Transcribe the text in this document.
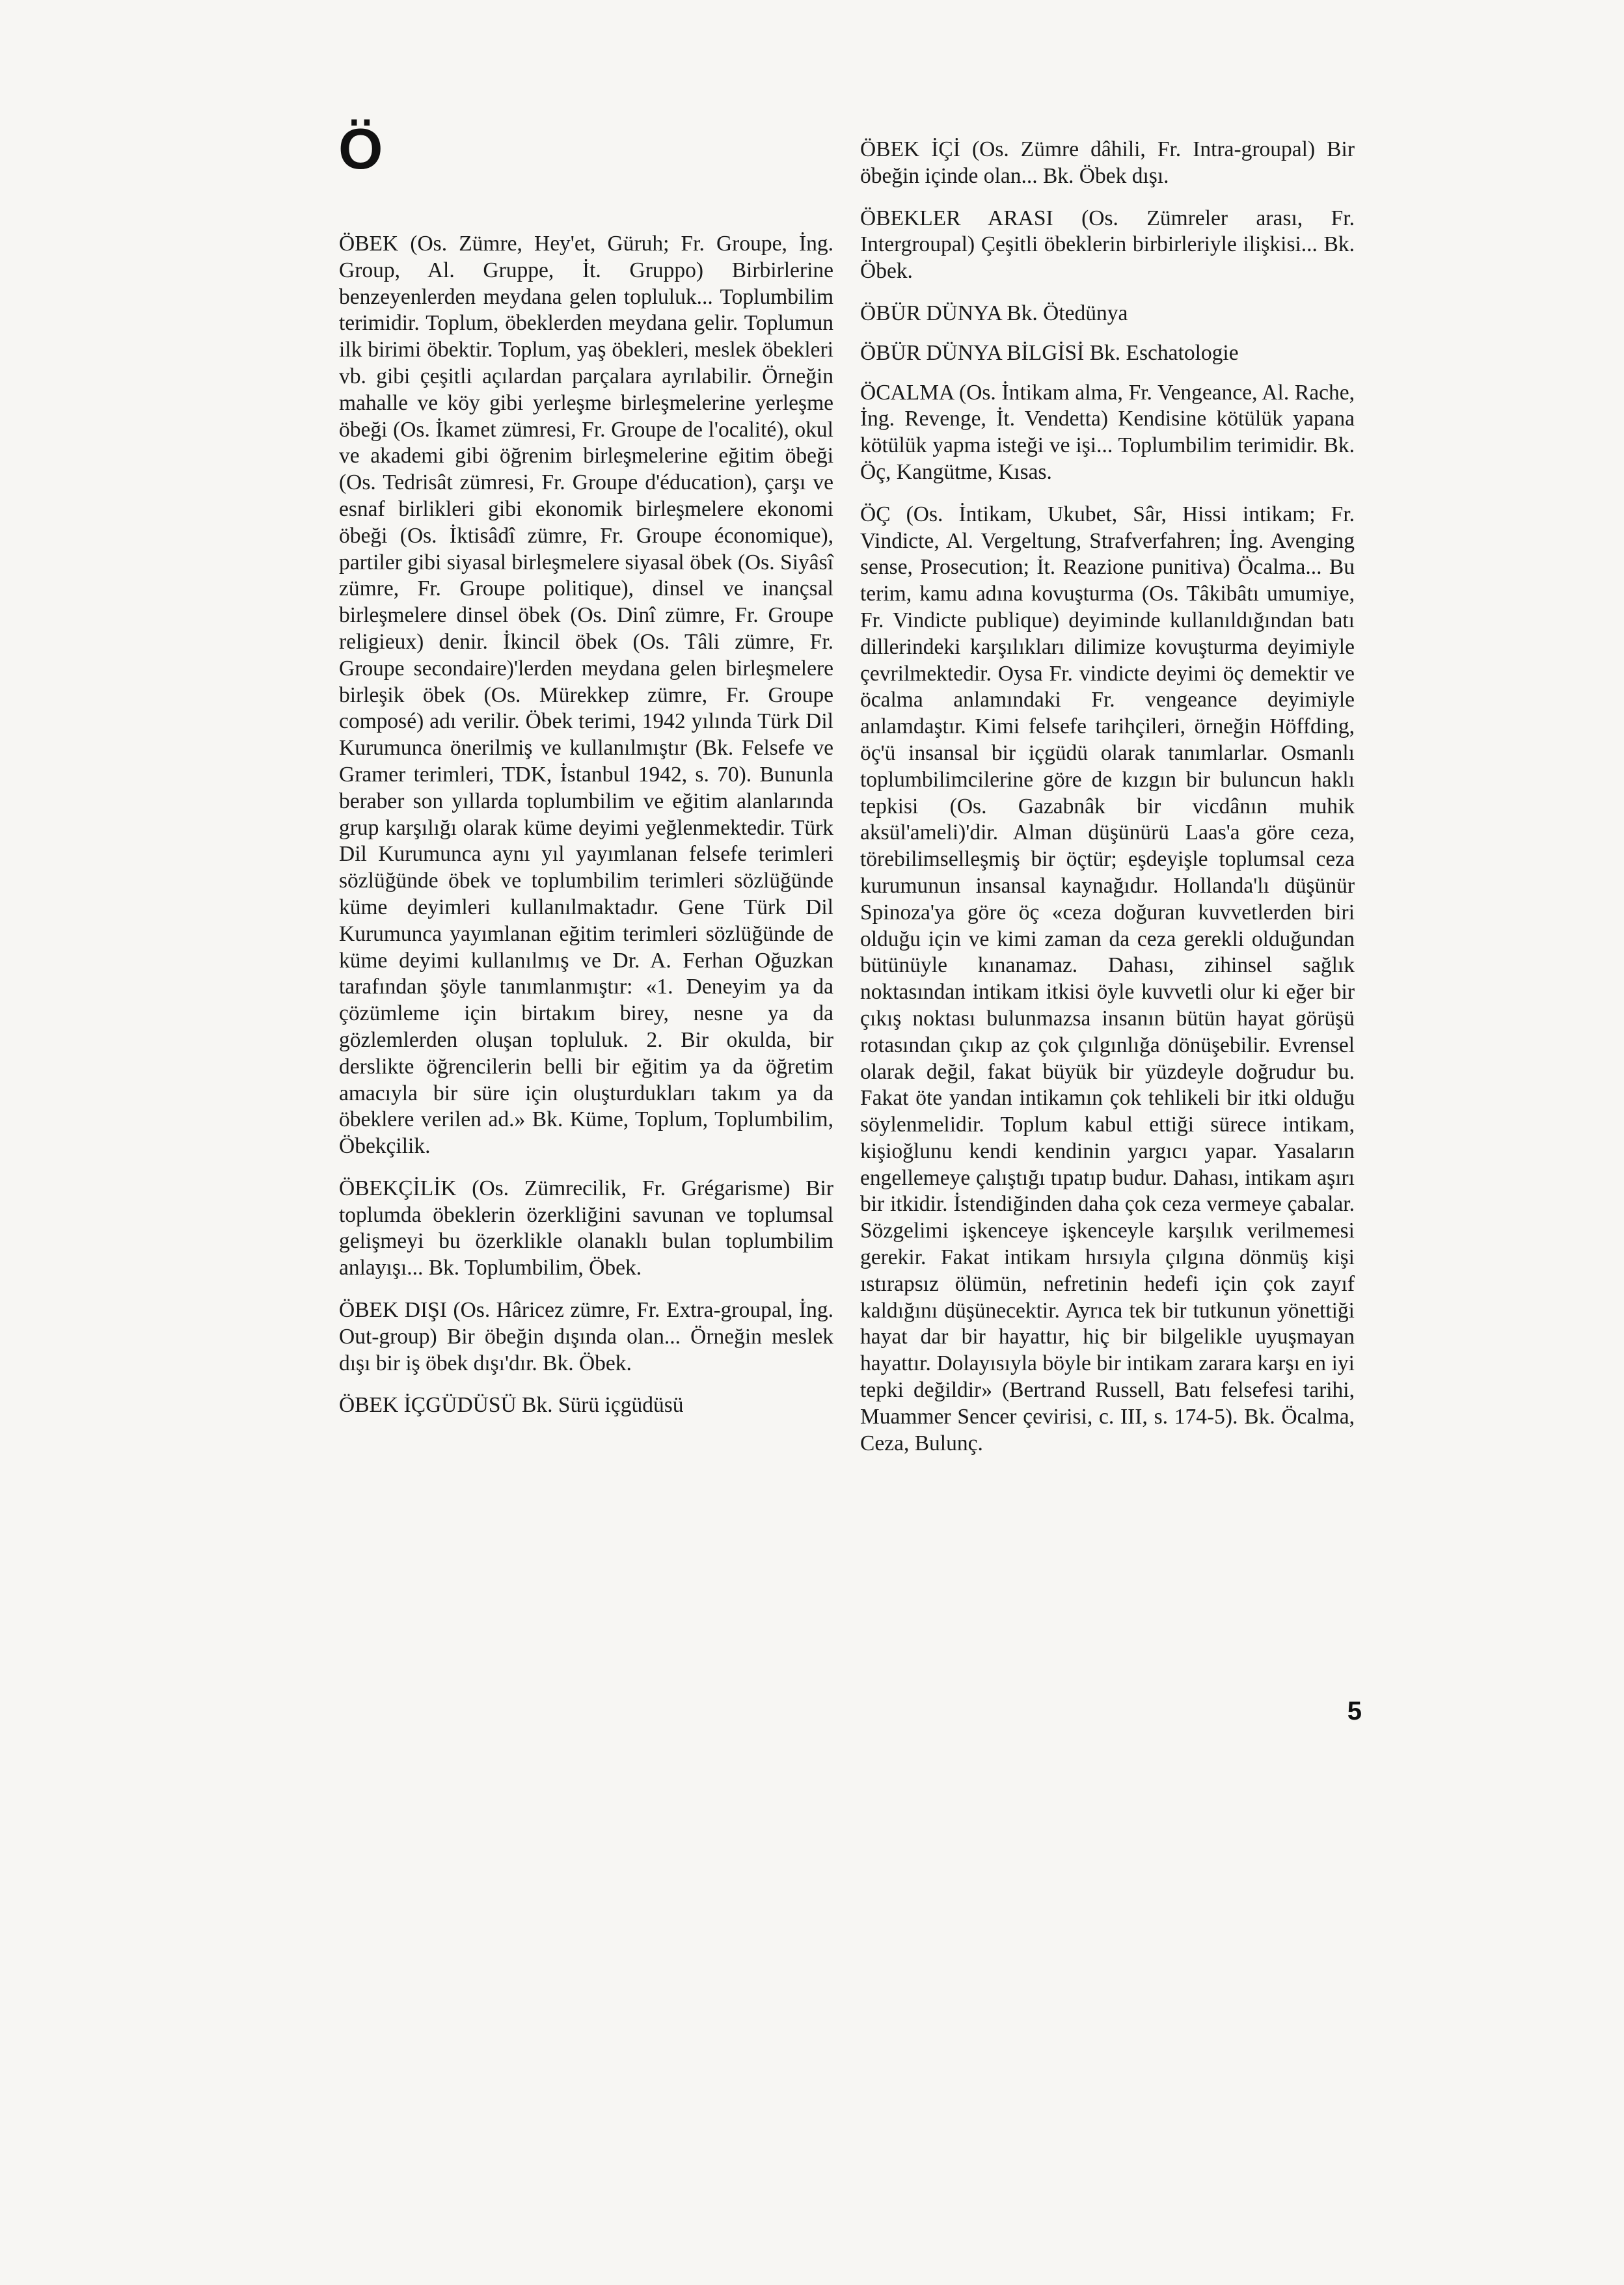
Ö

ÖBEK (Os. Zümre, Hey'et, Güruh; Fr. Groupe, İng. Group, Al. Gruppe, İt. Gruppo) Birbirlerine benzeyenlerden meydana gelen topluluk... Toplumbilim terimidir. Toplum, öbeklerden meydana gelir. Toplumun ilk birimi öbektir. Toplum, yaş öbekleri, meslek öbekleri vb. gibi çeşitli açılardan parçalara ayrılabilir. Örneğin mahalle ve köy gibi yerleşme birleşmelerine yerleşme öbeği (Os. İkamet zümresi, Fr. Groupe de l'ocalité), okul ve akademi gibi öğrenim birleşmelerine eğitim öbeği (Os. Tedrisât zümresi, Fr. Groupe d'éducation), çarşı ve esnaf birlikleri gibi ekonomik birleşmelere ekonomi öbeği (Os. İktisâdî zümre, Fr. Groupe économique), partiler gibi siyasal birleşmelere siyasal öbek (Os. Siyâsî zümre, Fr. Groupe politique), dinsel ve inançsal birleşmelere dinsel öbek (Os. Dinî zümre, Fr. Groupe religieux) denir. İkincil öbek (Os. Tâli zümre, Fr. Groupe secondaire)'lerden meydana gelen birleşmelere birleşik öbek (Os. Mürekkep zümre, Fr. Groupe composé) adı verilir. Öbek terimi, 1942 yılında Türk Dil Kurumunca önerilmiş ve kullanılmıştır (Bk. Felsefe ve Gramer terimleri, TDK, İstanbul 1942, s. 70). Bununla beraber son yıllarda toplumbilim ve eğitim alanlarında grup karşılığı olarak küme deyimi yeğlenmektedir. Türk Dil Kurumunca aynı yıl yayımlanan felsefe terimleri sözlüğünde öbek ve toplumbilim terimleri sözlüğünde küme deyimleri kullanılmaktadır. Gene Türk Dil Kurumunca yayımlanan eğitim terimleri sözlüğünde de küme deyimi kullanılmış ve Dr. A. Ferhan Oğuzkan tarafından şöyle tanımlanmıştır: «1. Deneyim ya da çözümleme için birtakım birey, nesne ya da gözlemlerden oluşan topluluk. 2. Bir okulda, bir derslikte öğrencilerin belli bir eğitim ya da öğretim amacıyla bir süre için oluşturdukları takım ya da öbeklere verilen ad.» Bk. Küme, Toplum, Toplumbilim, Öbekçilik.

ÖBEKÇİLİK (Os. Zümrecilik, Fr. Grégarisme) Bir toplumda öbeklerin özerkliğini savunan ve toplumsal gelişmeyi bu özerklikle olanaklı bulan toplumbilim anlayışı... Bk. Toplumbilim, Öbek.

ÖBEK DIŞI (Os. Hâricez zümre, Fr. Extra-groupal, İng. Out-group) Bir öbeğin dışında olan... Örneğin meslek dışı bir iş öbek dışı'dır. Bk. Öbek.

ÖBEK İÇGÜDÜSÜ Bk. Sürü içgüdüsü

ÖBEK İÇİ (Os. Zümre dâhili, Fr. Intra-groupal) Bir öbeğin içinde olan... Bk. Öbek dışı.

ÖBEKLER ARASI (Os. Zümreler arası, Fr. Intergroupal) Çeşitli öbeklerin birbirleriyle ilişkisi... Bk. Öbek.

ÖBÜR DÜNYA Bk. Ötedünya

ÖBÜR DÜNYA BİLGİSİ Bk. Eschatologie

ÖCALMA (Os. İntikam alma, Fr. Vengeance, Al. Rache, İng. Revenge, İt. Vendetta) Kendisine kötülük yapana kötülük yapma isteği ve işi... Toplumbilim terimidir. Bk. Öç, Kangütme, Kısas.

ÖÇ (Os. İntikam, Ukubet, Sâr, Hissi intikam; Fr. Vindicte, Al. Vergeltung, Strafverfahren; İng. Avenging sense, Prosecution; İt. Reazione punitiva) Öcalma... Bu terim, kamu adına kovuşturma (Os. Tâkibâtı umumiye, Fr. Vindicte publique) deyiminde kullanıldığından batı dillerindeki karşılıkları dilimize kovuşturma deyimiyle çevrilmektedir. Oysa Fr. vindicte deyimi öç demektir ve öcalma anlamındaki Fr. vengeance deyimiyle anlamdaştır. Kimi felsefe tarihçileri, örneğin Höffding, öç'ü insansal bir içgüdü olarak tanımlarlar. Osmanlı toplumbilimcilerine göre de kızgın bir buluncun haklı tepkisi (Os. Gazabnâk bir vicdânın muhik aksül'ameli)'dir. Alman düşünürü Laas'a göre ceza, törebilimselleşmiş bir öçtür; eşdeyişle toplumsal ceza kurumunun insansal kaynağıdır. Hollanda'lı düşünür Spinoza'ya göre öç «ceza doğuran kuvvetlerden biri olduğu için ve kimi zaman da ceza gerekli olduğundan bütünüyle kınanamaz. Dahası, zihinsel sağlık noktasından intikam itkisi öyle kuvvetli olur ki eğer bir çıkış noktası bulunmazsa insanın bütün hayat görüşü rotasından çıkıp az çok çılgınlığa dönüşebilir. Evrensel olarak değil, fakat büyük bir yüzdeyle doğrudur bu. Fakat öte yandan intikamın çok tehlikeli bir itki olduğu söylenmelidir. Toplum kabul ettiği sürece intikam, kişioğlunu kendi kendinin yargıcı yapar. Yasaların engellemeye çalıştığı tıpatıp budur. Dahası, intikam aşırı bir itkidir. İstendiğinden daha çok ceza vermeye çabalar. Sözgelimi işkenceye işkenceyle karşılık verilmemesi gerekir. Fakat intikam hırsıyla çılgına dönmüş kişi ıstırapsız ölümün, nefretinin hedefi için çok zayıf kaldığını düşünecektir. Ayrıca tek bir tutkunun yönettiği hayat dar bir hayattır, hiç bir bilgelikle uyuşmayan hayattır. Dolayısıyla böyle bir intikam zarara karşı en iyi tepki değildir» (Bertrand Russell, Batı felsefesi tarihi, Muammer Sencer çevirisi, c. III, s. 174-5). Bk. Öcalma, Ceza, Bulunç.

5
